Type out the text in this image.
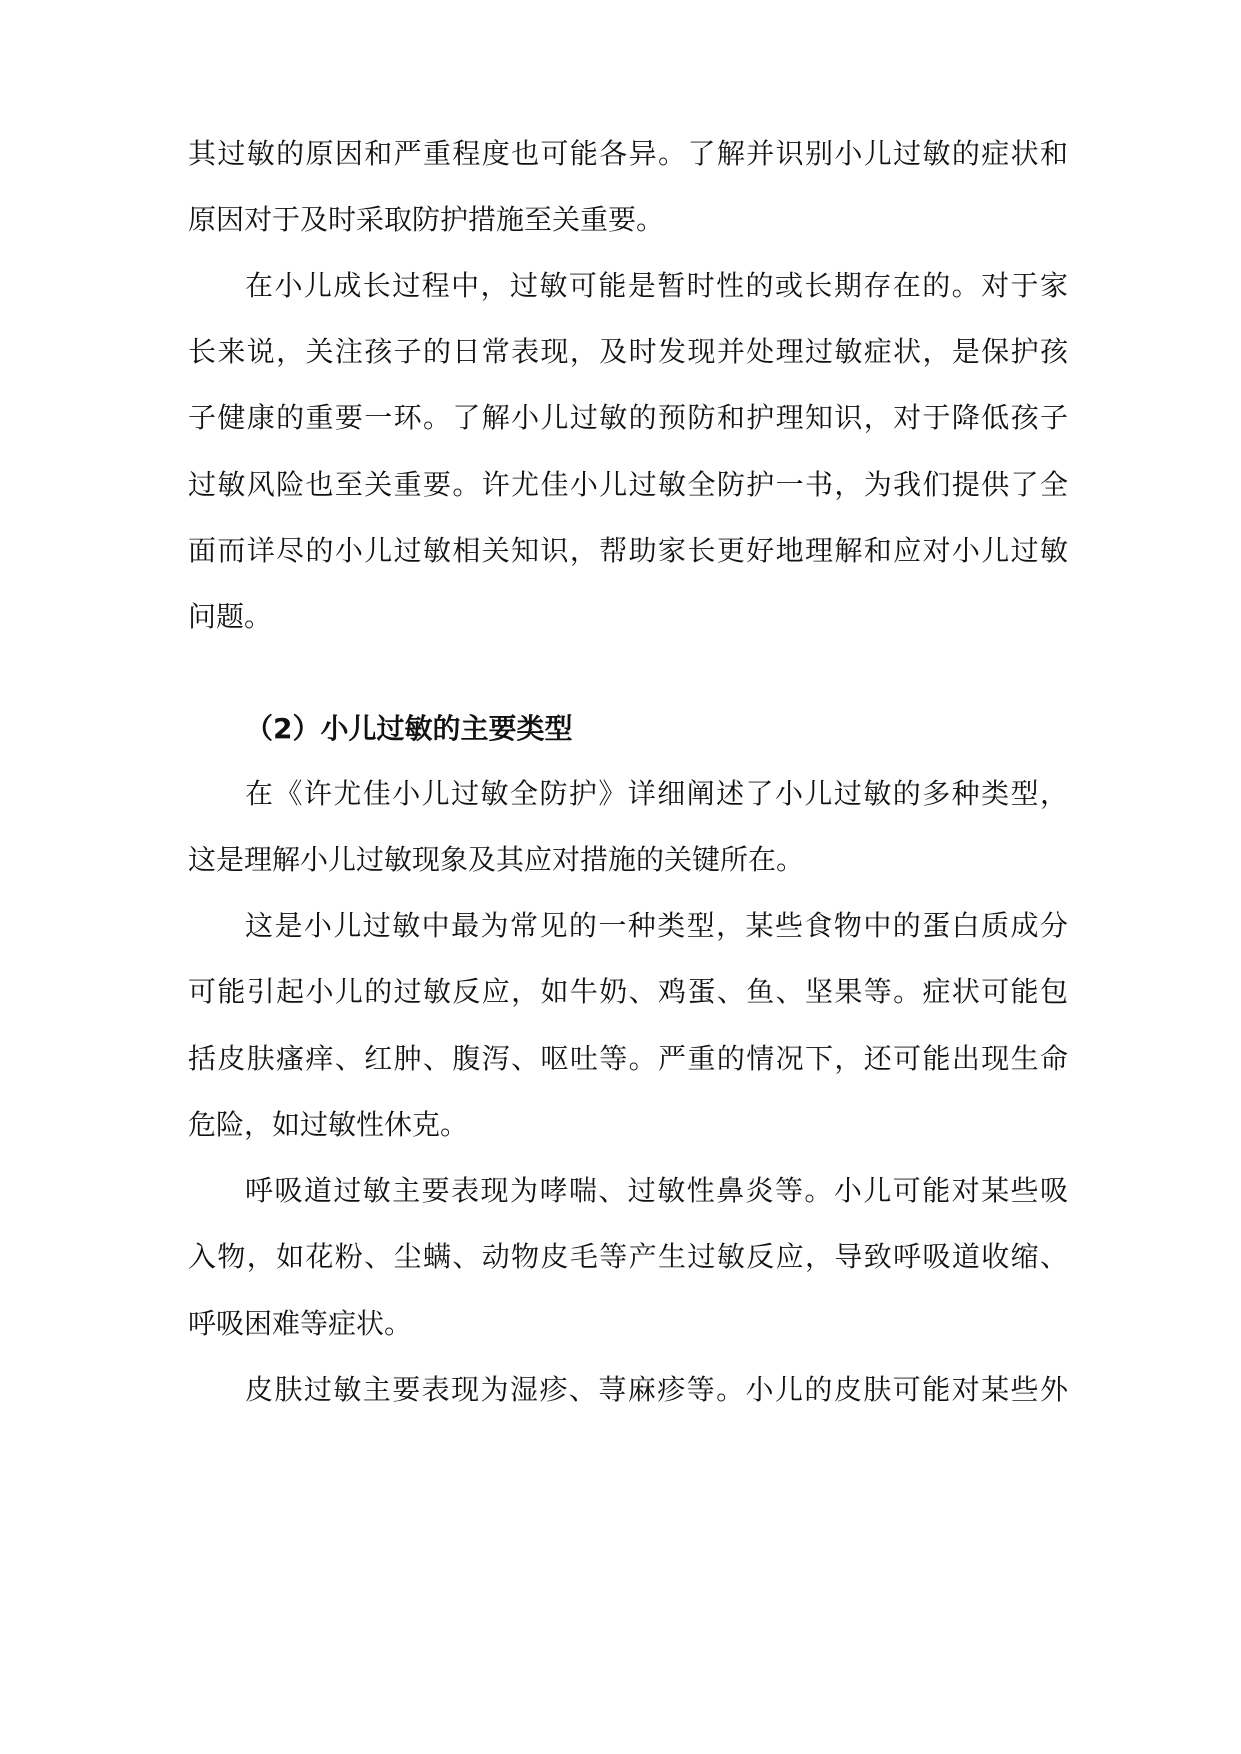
其过敏的原因和严重程度也可能各异。了解并识别小儿过敏的症状和
原因对于及时采取防护措施至关重要。
在小儿成长过程中，过敏可能是暂时性的或长期存在的。对于家
长来说，关注孩子的日常表现，及时发现并处理过敏症状，是保护孩
子健康的重要一环。了解小儿过敏的预防和护理知识，对于降低孩子
过敏风险也至关重要。许尤佳小儿过敏全防护一书，为我们提供了全
面而详尽的小儿过敏相关知识，帮助家长更好地理解和应对小儿过敏
问题。
（2）小儿过敏的主要类型
在《许尤佳小儿过敏全防护》详细阐述了小儿过敏的多种类型，
这是理解小儿过敏现象及其应对措施的关键所在。
这是小儿过敏中最为常见的一种类型，某些食物中的蛋白质成分
可能引起小儿的过敏反应，如牛奶、鸡蛋、鱼、坚果等。症状可能包
括皮肤瘙痒、红肿、腹泻、呕吐等。严重的情况下，还可能出现生命
危险，如过敏性休克。
呼吸道过敏主要表现为哮喘、过敏性鼻炎等。小儿可能对某些吸
入物，如花粉、尘螨、动物皮毛等产生过敏反应，导致呼吸道收缩、
呼吸困难等症状。
皮肤过敏主要表现为湿疹、荨麻疹等。小儿的皮肤可能对某些外
